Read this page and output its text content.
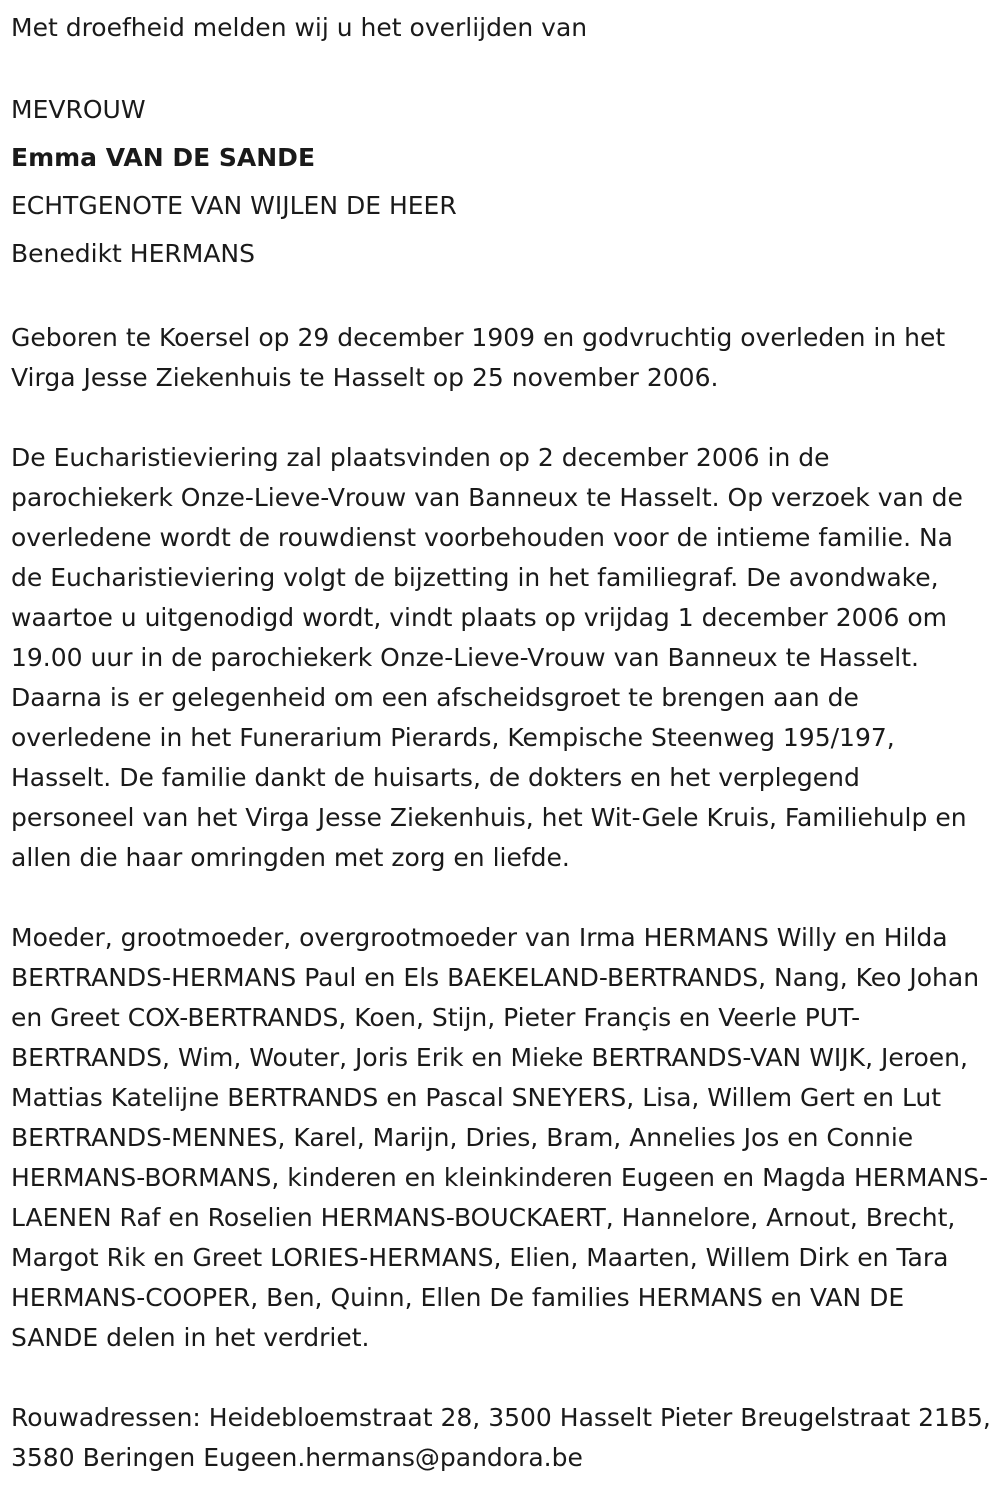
Met droefheid melden wij u het overlijden van

MEVROUW

Emma VAN DE SANDE

ECHTGENOTE VAN WIJLEN DE HEER

Benedikt HERMANS

Geboren te Koersel op 29 december 1909 en godvruchtig overleden in het Virga Jesse Ziekenhuis te Hasselt op 25 november 2006.

De Eucharistieviering zal plaatsvinden op 2 december 2006 in de parochiekerk Onze-Lieve-Vrouw van Banneux te Hasselt. Op verzoek van de overledene wordt de rouwdienst voorbehouden voor de intieme familie. Na de Eucharistieviering volgt de bijzetting in het familiegraf. De avondwake, waartoe u uitgenodigd wordt, vindt plaats op vrijdag 1 december 2006 om 19.00 uur in de parochiekerk Onze-Lieve-Vrouw van Banneux te Hasselt. Daarna is er gelegenheid om een afscheidsgroet te brengen aan de overledene in het Funerarium Pierards, Kempische Steenweg 195/197, Hasselt. De familie dankt de huisarts, de dokters en het verplegend personeel van het Virga Jesse Ziekenhuis, het Wit-Gele Kruis, Familiehulp en allen die haar omringden met zorg en liefde.

Moeder, grootmoeder, overgrootmoeder van Irma HERMANS Willy en Hilda BERTRANDS-HERMANS Paul en Els BAEKELAND-BERTRANDS, Nang, Keo Johan en Greet COX-BERTRANDS, Koen, Stijn, Pieter Françis en Veerle PUT-BERTRANDS, Wim, Wouter, Joris Erik en Mieke BERTRANDS-VAN WIJK, Jeroen, Mattias Katelijne BERTRANDS en Pascal SNEYERS, Lisa, Willem Gert en Lut BERTRANDS-MENNES, Karel, Marijn, Dries, Bram, Annelies Jos en Connie HERMANS-BORMANS, kinderen en kleinkinderen Eugeen en Magda HERMANS-LAENEN Raf en Roselien HERMANS-BOUCKAERT, Hannelore, Arnout, Brecht, Margot Rik en Greet LORIES-HERMANS, Elien, Maarten, Willem Dirk en Tara HERMANS-COOPER, Ben, Quinn, Ellen De families HERMANS en VAN DE SANDE delen in het verdriet.

Rouwadressen: Heidebloemstraat 28, 3500 Hasselt Pieter Breugelstraat 21B5, 3580 Beringen Eugeen.hermans@pandora.be
